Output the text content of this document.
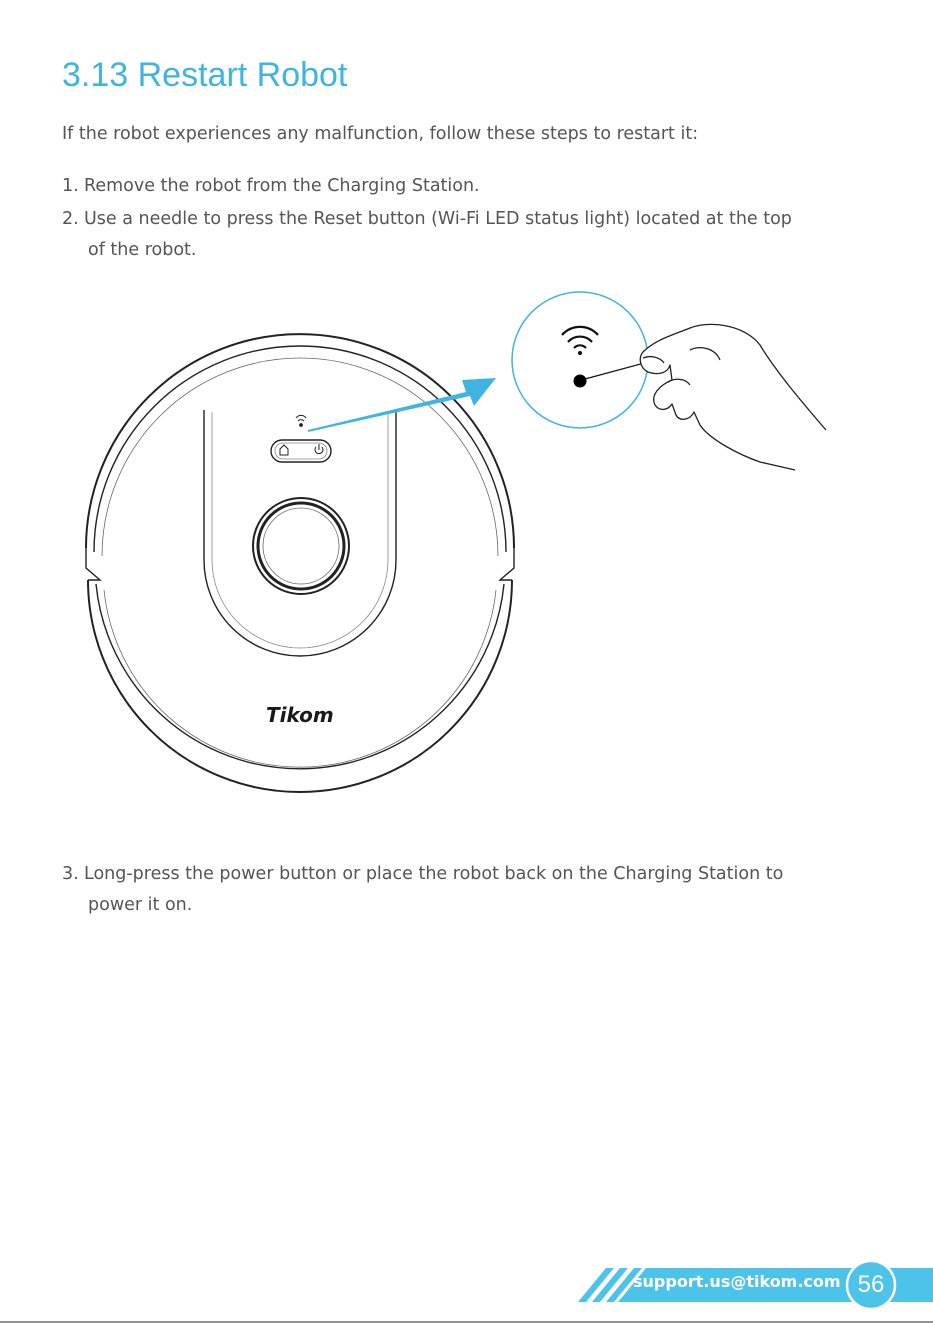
3.13 Restart Robot
If the robot experiences any malfunction, follow these steps to restart it:
1. Remove the robot from the Charging Station.
2. Use a needle to press the Reset button (Wi-Fi LED status light) located at the top
of the robot.
3. Long-press the power button or place the robot back on the Charging Station to
power it on.
Tikom
support.us@tikom.com 56
